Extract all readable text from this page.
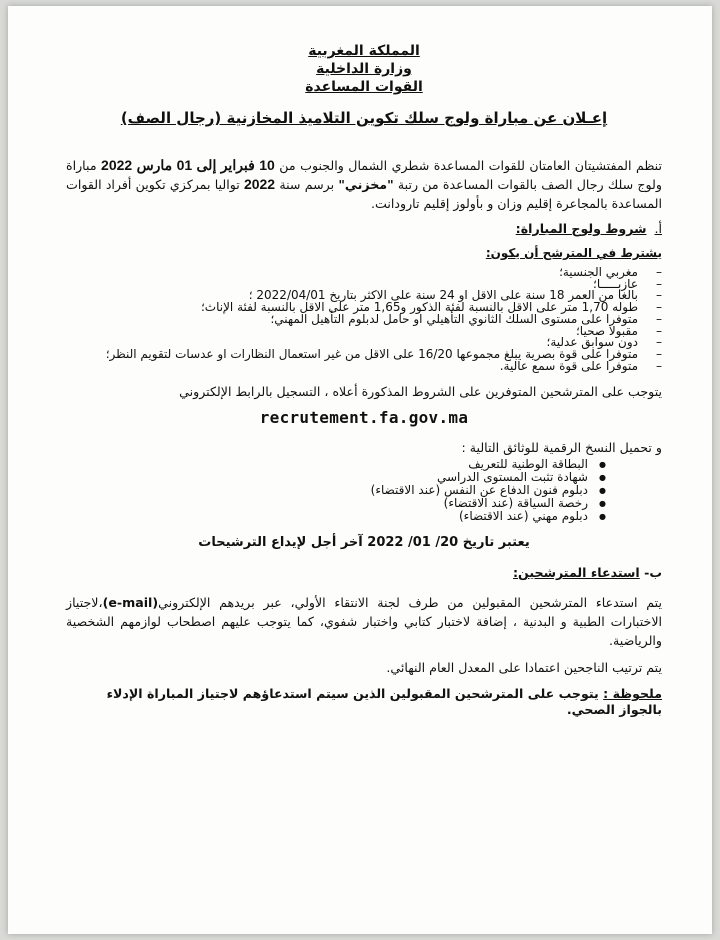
المملكة المغربية
وزارة الداخلية
القوات المساعدة
إعـلان عن مباراة ولوج سلك تكوين التلاميذ المخازنية (رجال الصف)
تنظم المفتشيتان العامتان للقوات المساعدة شطري الشمال والجنوب من 10 فبراير إلى 01 مارس 2022 مباراة ولوج سلك رجال الصف بالقوات المساعدة من رتبة "مخزني" برسم سنة 2022 تواليا بمركزي تكوين أفراد القوات المساعدة بالمجاعرة إقليم وزان و بأولوز إقليم تارودانت.
أ.شروط ولوج المباراة:
يشترط في المترشح أن يكون:
– مغربي الجنسية؛
– عازبـــــا؛
– بالغا من العمر 18 سنة على الاقل او 24 سنة على الاكثر بتاريخ 2022/04/01 ؛
– طوله 1,70 متر على الاقل بالنسبة لفئة الذكور و1,65 متر على الاقل بالنسبة لفئة الإناث؛
– متوفرا على مستوى السلك الثانوي التأهيلي او حامل لدبلوم التأهيل المهني؛
– مقبولا صحيا؛
– دون سوابق عدلية؛
– متوفرا على قوة بصرية يبلغ مجموعها 16/20 على الاقل من غير استعمال النظارات او عدسات لتقويم النظر؛
– متوفرا على قوة سمع عالية.
يتوجب على المترشحين المتوفرين على الشروط المذكورة أعلاه ، التسجيل بالرابط الإلكتروني
recrutement.fa.gov.ma
و تحميل النسخ الرقمية للوثائق التالية :
● البطاقة الوطنية للتعريف
● شهادة تثبت المستوى الدراسي
● دبلوم فنون الدفاع عن النفس (عند الاقتضاء)
● رخصة السياقة (عند الاقتضاء)
● دبلوم مهني (عند الاقتضاء)
يعتبر تاريخ 20/ 01/ 2022 آخر أجل لإيداع الترشيحات
ب- استدعاء المترشحين:
يتم استدعاء المترشحين المقبولين من طرف لجنة الانتقاء الأولي، عبر بريدهم الإلكتروني(e-mail)،لاجتياز الاختبارات الطبية و البدنية ، إضافة لاختبار كتابي واختبار شفوي، كما يتوجب عليهم اصطحاب لوازمهم الشخصية والرياضية.
يتم ترتيب الناجحين اعتمادا على المعدل العام النهائي.
ملحوظة : يتوجب على المترشحين المقبولين الذين سيتم استدعاؤهم لاجتياز المباراة الإدلاء بالجواز الصحي.
